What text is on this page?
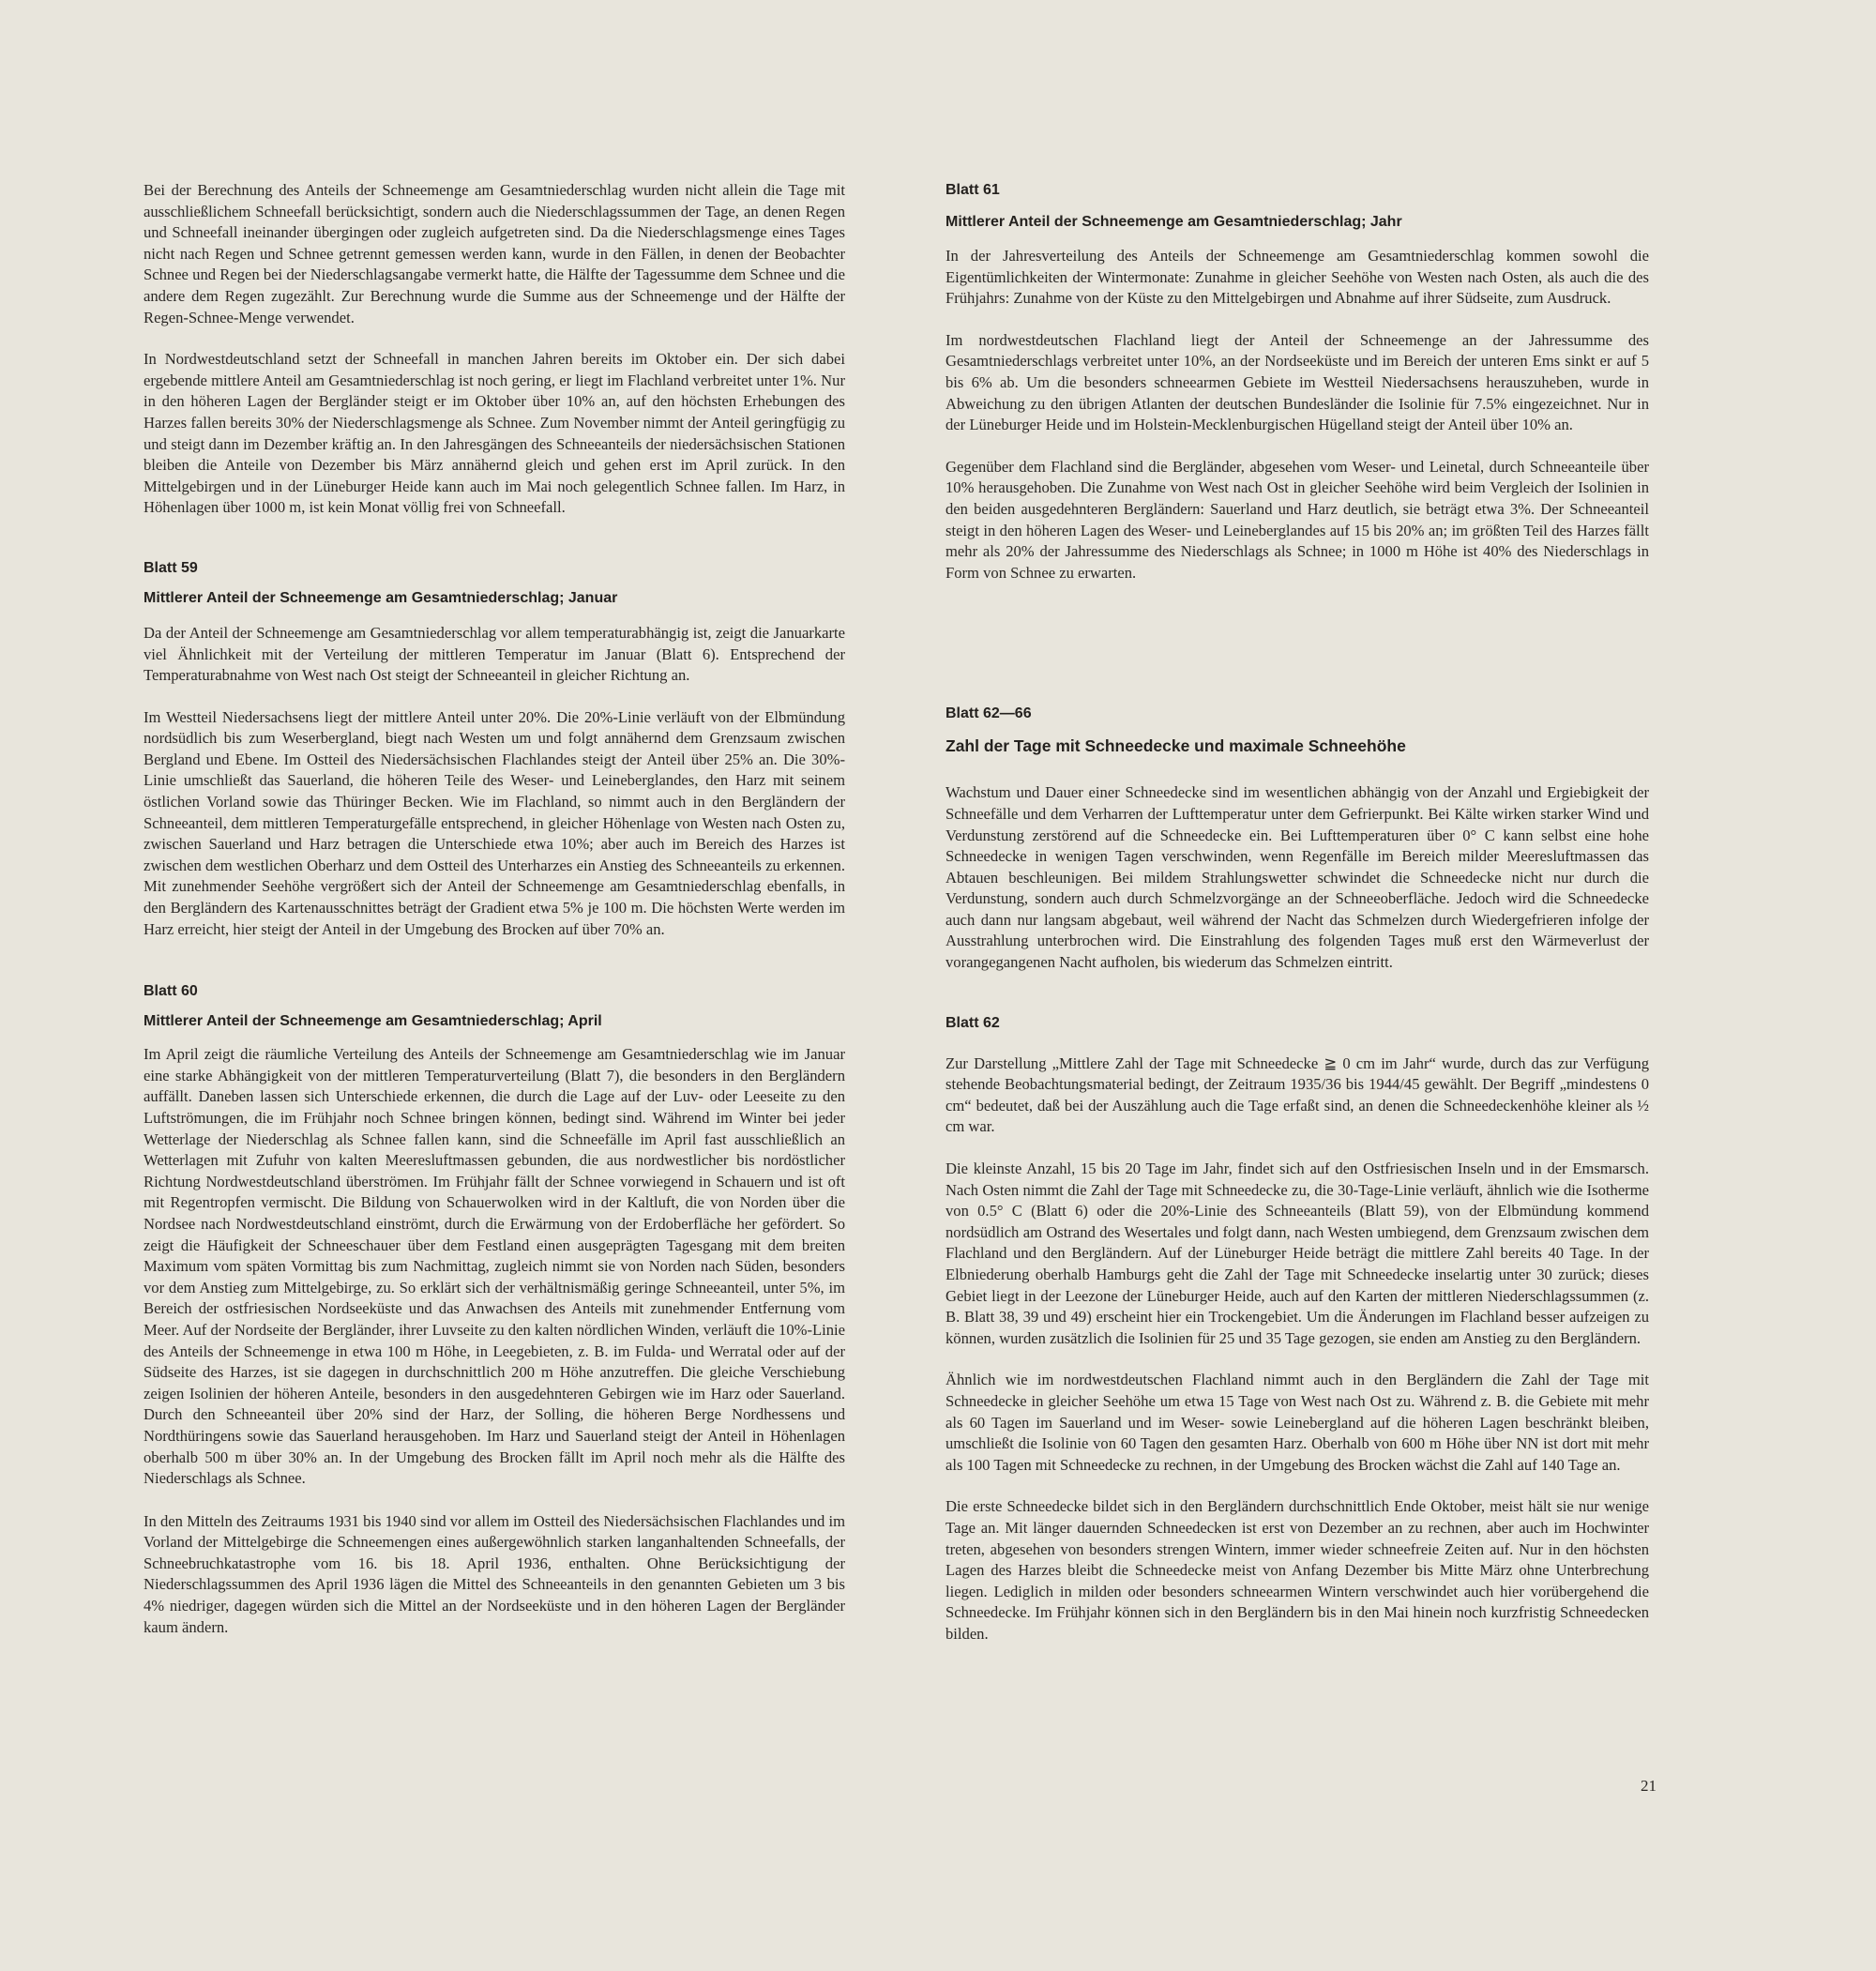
Bei der Berechnung des Anteils der Schneemenge am Gesamtniederschlag wurden nicht allein die Tage mit ausschließlichem Schneefall berücksichtigt, sondern auch die Niederschlagssummen der Tage, an denen Regen und Schneefall ineinander übergingen oder zugleich aufgetreten sind. Da die Niederschlagsmenge eines Tages nicht nach Regen und Schnee getrennt gemessen werden kann, wurde in den Fällen, in denen der Beobachter Schnee und Regen bei der Niederschlagsangabe vermerkt hatte, die Hälfte der Tagessumme dem Schnee und die andere dem Regen zugezählt. Zur Berechnung wurde die Summe aus der Schneemenge und der Hälfte der Regen-Schnee-Menge verwendet.

In Nordwestdeutschland setzt der Schneefall in manchen Jahren bereits im Oktober ein. Der sich dabei ergebende mittlere Anteil am Gesamtniederschlag ist noch gering, er liegt im Flachland verbreitet unter 1%. Nur in den höheren Lagen der Bergländer steigt er im Oktober über 10% an, auf den höchsten Erhebungen des Harzes fallen bereits 30% der Niederschlagsmenge als Schnee. Zum November nimmt der Anteil geringfügig zu und steigt dann im Dezember kräftig an. In den Jahresgängen des Schneeanteils der niedersächsischen Stationen bleiben die Anteile von Dezember bis März annähernd gleich und gehen erst im April zurück. In den Mittelgebirgen und in der Lüneburger Heide kann auch im Mai noch gelegentlich Schnee fallen. Im Harz, in Höhenlagen über 1000 m, ist kein Monat völlig frei von Schneefall.

Blatt 59

Mittlerer Anteil der Schneemenge am Gesamtniederschlag; Januar

Da der Anteil der Schneemenge am Gesamtniederschlag vor allem temperaturabhängig ist, zeigt die Januarkarte viel Ähnlichkeit mit der Verteilung der mittleren Temperatur im Januar (Blatt 6). Entsprechend der Temperaturabnahme von West nach Ost steigt der Schneeanteil in gleicher Richtung an.

Im Westteil Niedersachsens liegt der mittlere Anteil unter 20%. Die 20%-Linie verläuft von der Elbmündung nordsüdlich bis zum Weserbergland, biegt nach Westen um und folgt annähernd dem Grenzsaum zwischen Bergland und Ebene. Im Ostteil des Niedersächsischen Flachlandes steigt der Anteil über 25% an. Die 30%-Linie umschließt das Sauerland, die höheren Teile des Weser- und Leineberglandes, den Harz mit seinem östlichen Vorland sowie das Thüringer Becken. Wie im Flachland, so nimmt auch in den Bergländern der Schneeanteil, dem mittleren Temperaturgefälle entsprechend, in gleicher Höhenlage von Westen nach Osten zu, zwischen Sauerland und Harz betragen die Unterschiede etwa 10%; aber auch im Bereich des Harzes ist zwischen dem westlichen Oberharz und dem Ostteil des Unterharzes ein Anstieg des Schneeanteils zu erkennen. Mit zunehmender Seehöhe vergrößert sich der Anteil der Schneemenge am Gesamtniederschlag ebenfalls, in den Bergländern des Kartenausschnittes beträgt der Gradient etwa 5% je 100 m. Die höchsten Werte werden im Harz erreicht, hier steigt der Anteil in der Umgebung des Brocken auf über 70% an.

Blatt 60

Mittlerer Anteil der Schneemenge am Gesamtniederschlag; April

Im April zeigt die räumliche Verteilung des Anteils der Schneemenge am Gesamtniederschlag wie im Januar eine starke Abhängigkeit von der mittleren Temperaturverteilung (Blatt 7), die besonders in den Bergländern auffällt. Daneben lassen sich Unterschiede erkennen, die durch die Lage auf der Luv- oder Leeseite zu den Luftströmungen, die im Frühjahr noch Schnee bringen können, bedingt sind. Während im Winter bei jeder Wetterlage der Niederschlag als Schnee fallen kann, sind die Schneefälle im April fast ausschließlich an Wetterlagen mit Zufuhr von kalten Meeresluftmassen gebunden, die aus nordwestlicher bis nordöstlicher Richtung Nordwestdeutschland überströmen. Im Frühjahr fällt der Schnee vorwiegend in Schauern und ist oft mit Regentropfen vermischt. Die Bildung von Schauerwolken wird in der Kaltluft, die von Norden über die Nordsee nach Nordwestdeutschland einströmt, durch die Erwärmung von der Erdoberfläche her gefördert. So zeigt die Häufigkeit der Schneeschauer über dem Festland einen ausgeprägten Tagesgang mit dem breiten Maximum vom späten Vormittag bis zum Nachmittag, zugleich nimmt sie von Norden nach Süden, besonders vor dem Anstieg zum Mittelgebirge, zu. So erklärt sich der verhältnismäßig geringe Schneeanteil, unter 5%, im Bereich der ostfriesischen Nordseeküste und das Anwachsen des Anteils mit zunehmender Entfernung vom Meer. Auf der Nordseite der Bergländer, ihrer Luvseite zu den kalten nördlichen Winden, verläuft die 10%-Linie des Anteils der Schneemenge in etwa 100 m Höhe, in Leegebieten, z. B. im Fulda- und Werratal oder auf der Südseite des Harzes, ist sie dagegen in durchschnittlich 200 m Höhe anzutreffen. Die gleiche Verschiebung zeigen Isolinien der höheren Anteile, besonders in den ausgedehnteren Gebirgen wie im Harz oder Sauerland. Durch den Schneeanteil über 20% sind der Harz, der Solling, die höheren Berge Nordhessens und Nordthüringens sowie das Sauerland herausgehoben. Im Harz und Sauerland steigt der Anteil in Höhenlagen oberhalb 500 m über 30% an. In der Umgebung des Brocken fällt im April noch mehr als die Hälfte des Niederschlags als Schnee.

In den Mitteln des Zeitraums 1931 bis 1940 sind vor allem im Ostteil des Niedersächsischen Flachlandes und im Vorland der Mittelgebirge die Schneemengen eines außergewöhnlich starken langanhaltenden Schneefalls, der Schneebruchkatastrophe vom 16. bis 18. April 1936, enthalten. Ohne Berücksichtigung der Niederschlagssummen des April 1936 lägen die Mittel des Schneeanteils in den genannten Gebieten um 3 bis 4% niedriger, dagegen würden sich die Mittel an der Nordseeküste und in den höheren Lagen der Bergländer kaum ändern.

Blatt 61

Mittlerer Anteil der Schneemenge am Gesamtniederschlag; Jahr

In der Jahresverteilung des Anteils der Schneemenge am Gesamtniederschlag kommen sowohl die Eigentümlichkeiten der Wintermonate: Zunahme in gleicher Seehöhe von Westen nach Osten, als auch die des Frühjahrs: Zunahme von der Küste zu den Mittelgebirgen und Abnahme auf ihrer Südseite, zum Ausdruck.

Im nordwestdeutschen Flachland liegt der Anteil der Schneemenge an der Jahressumme des Gesamtniederschlags verbreitet unter 10%, an der Nordseeküste und im Bereich der unteren Ems sinkt er auf 5 bis 6% ab. Um die besonders schneearmen Gebiete im Westteil Niedersachsens herauszuheben, wurde in Abweichung zu den übrigen Atlanten der deutschen Bundesländer die Isolinie für 7.5% eingezeichnet. Nur in der Lüneburger Heide und im Holstein-Mecklenburgischen Hügelland steigt der Anteil über 10% an.

Gegenüber dem Flachland sind die Bergländer, abgesehen vom Weser- und Leinetal, durch Schneeanteile über 10% herausgehoben. Die Zunahme von West nach Ost in gleicher Seehöhe wird beim Vergleich der Isolinien in den beiden ausgedehnteren Bergländern: Sauerland und Harz deutlich, sie beträgt etwa 3%. Der Schneeanteil steigt in den höheren Lagen des Weser- und Leineberglandes auf 15 bis 20% an; im größten Teil des Harzes fällt mehr als 20% der Jahressumme des Niederschlags als Schnee; in 1000 m Höhe ist 40% des Niederschlags in Form von Schnee zu erwarten.

Blatt 62—66

Zahl der Tage mit Schneedecke und maximale Schneehöhe

Wachstum und Dauer einer Schneedecke sind im wesentlichen abhängig von der Anzahl und Ergiebigkeit der Schneefälle und dem Verharren der Lufttemperatur unter dem Gefrierpunkt. Bei Kälte wirken starker Wind und Verdunstung zerstörend auf die Schneedecke ein. Bei Lufttemperaturen über 0° C kann selbst eine hohe Schneedecke in wenigen Tagen verschwinden, wenn Regenfälle im Bereich milder Meeresluftmassen das Abtauen beschleunigen. Bei mildem Strahlungswetter schwindet die Schneedecke nicht nur durch die Verdunstung, sondern auch durch Schmelzvorgänge an der Schneeoberfläche. Jedoch wird die Schneedecke auch dann nur langsam abgebaut, weil während der Nacht das Schmelzen durch Wiedergefrieren infolge der Ausstrahlung unterbrochen wird. Die Einstrahlung des folgenden Tages muß erst den Wärmeverlust der vorangegangenen Nacht aufholen, bis wiederum das Schmelzen eintritt.

Blatt 62

Zur Darstellung „Mittlere Zahl der Tage mit Schneedecke ≧ 0 cm im Jahr“ wurde, durch das zur Verfügung stehende Beobachtungsmaterial bedingt, der Zeitraum 1935/36 bis 1944/45 gewählt. Der Begriff „mindestens 0 cm“ bedeutet, daß bei der Auszählung auch die Tage erfaßt sind, an denen die Schneedeckenhöhe kleiner als ½ cm war.

Die kleinste Anzahl, 15 bis 20 Tage im Jahr, findet sich auf den Ostfriesischen Inseln und in der Emsmarsch. Nach Osten nimmt die Zahl der Tage mit Schneedecke zu, die 30-Tage-Linie verläuft, ähnlich wie die Isotherme von 0.5° C (Blatt 6) oder die 20%-Linie des Schneeanteils (Blatt 59), von der Elbmündung kommend nordsüdlich am Ostrand des Wesertales und folgt dann, nach Westen umbiegend, dem Grenzsaum zwischen dem Flachland und den Bergländern. Auf der Lüneburger Heide beträgt die mittlere Zahl bereits 40 Tage. In der Elbniederung oberhalb Hamburgs geht die Zahl der Tage mit Schneedecke inselartig unter 30 zurück; dieses Gebiet liegt in der Leezone der Lüneburger Heide, auch auf den Karten der mittleren Niederschlagssummen (z. B. Blatt 38, 39 und 49) erscheint hier ein Trockengebiet. Um die Änderungen im Flachland besser aufzeigen zu können, wurden zusätzlich die Isolinien für 25 und 35 Tage gezogen, sie enden am Anstieg zu den Bergländern.

Ähnlich wie im nordwestdeutschen Flachland nimmt auch in den Bergländern die Zahl der Tage mit Schneedecke in gleicher Seehöhe um etwa 15 Tage von West nach Ost zu. Während z. B. die Gebiete mit mehr als 60 Tagen im Sauerland und im Weser- sowie Leinebergland auf die höheren Lagen beschränkt bleiben, umschließt die Isolinie von 60 Tagen den gesamten Harz. Oberhalb von 600 m Höhe über NN ist dort mit mehr als 100 Tagen mit Schneedecke zu rechnen, in der Umgebung des Brocken wächst die Zahl auf 140 Tage an.

Die erste Schneedecke bildet sich in den Bergländern durchschnittlich Ende Oktober, meist hält sie nur wenige Tage an. Mit länger dauernden Schneedecken ist erst von Dezember an zu rechnen, aber auch im Hochwinter treten, abgesehen von besonders strengen Wintern, immer wieder schneefreie Zeiten auf. Nur in den höchsten Lagen des Harzes bleibt die Schneedecke meist von Anfang Dezember bis Mitte März ohne Unterbrechung liegen. Lediglich in milden oder besonders schneearmen Wintern verschwindet auch hier vorübergehend die Schneedecke. Im Frühjahr können sich in den Bergländern bis in den Mai hinein noch kurzfristig Schneedecken bilden.

21
